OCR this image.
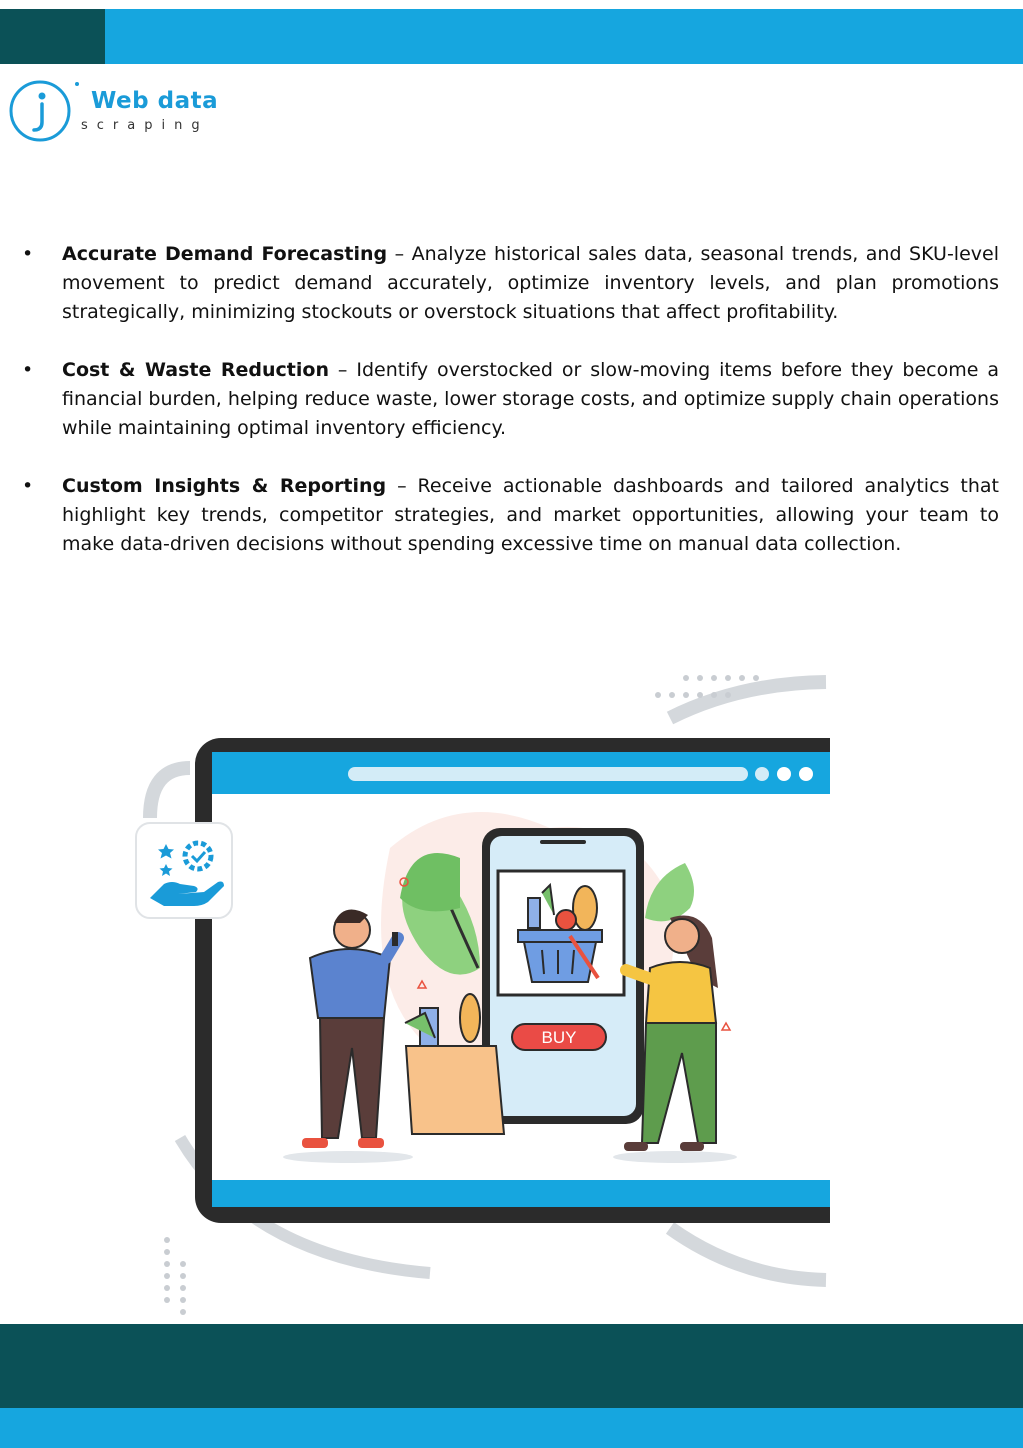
Web data
scraping
• Accurate Demand Forecasting – Analyze historical sales data, seasonal trends, and SKU-level movement to predict demand accurately, optimize inventory levels, and plan promotions strategically, minimizing stockouts or overstock situations that affect profitability.
• Cost & Waste Reduction – Identify overstocked or slow-moving items before they become a financial burden, helping reduce waste, lower storage costs, and optimize supply chain operations while maintaining optimal inventory efficiency.
• Custom Insights & Reporting – Receive actionable dashboards and tailored analytics that highlight key trends, competitor strategies, and market opportunities, allowing your team to make data-driven decisions without spending excessive time on manual data collection.
BUY
